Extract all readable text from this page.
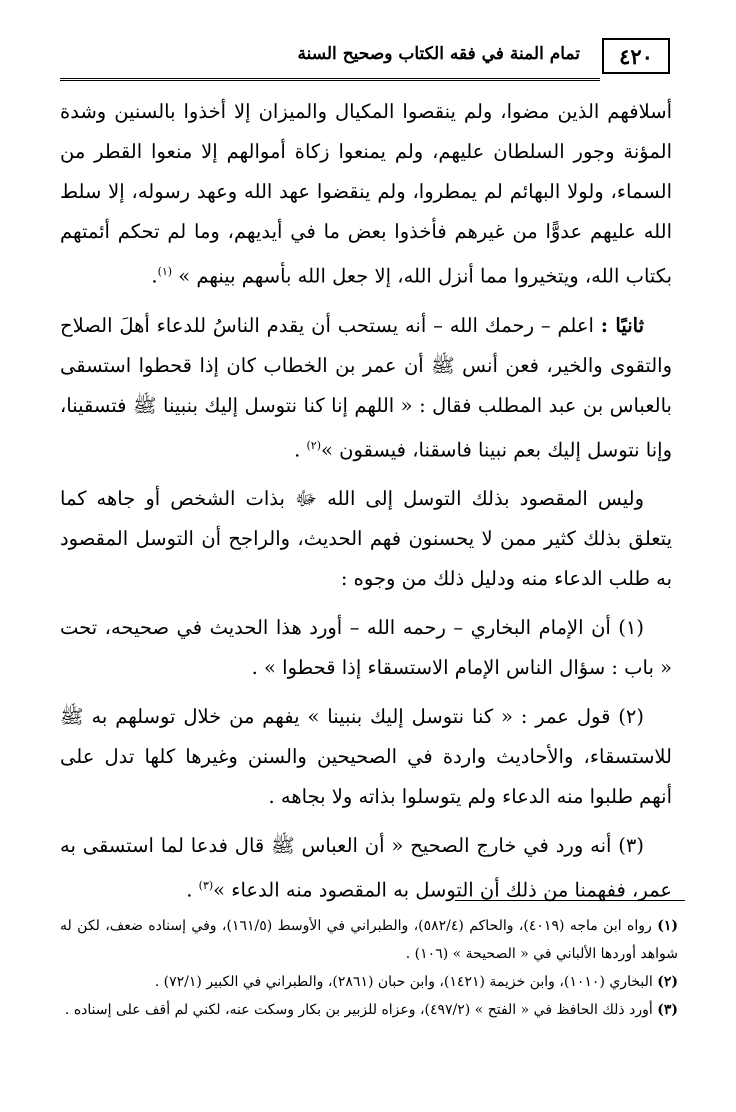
٤٢٠
تمام المنة في فقه الكتاب وصحيح السنة

أسلافهم الذين مضوا، ولم ينقصوا المكيال والميزان إلا أخذوا بالسنين وشدة المؤنة وجور السلطان عليهم، ولم يمنعوا زكاة أموالهم إلا منعوا القطر من السماء، ولولا البهائم لم يمطروا، ولم ينقضوا عهد الله وعهد رسوله، إلا سلط الله عليهم عدوًّا من غيرهم فأخذوا بعض ما في أيديهم، وما لم تحكم أئمتهم بكتاب الله، ويتخيروا مما أنزل الله، إلا جعل الله بأسهم بينهم » $^{(١)}$.

ثانيًا : اعلم – رحمك الله – أنه يستحب أن يقدم الناسُ للدعاء أهلَ الصلاح والتقوى والخير، فعن أنس ﷺ أن عمر بن الخطاب كان إذا قحطوا استسقى بالعباس بن عبد المطلب فقال : « اللهم إنا كنا نتوسل إليك بنبينا ﷺ فتسقينا، وإنا نتوسل إليك بعم نبينا فاسقنا، فيسقون »$^{(٢)}$ .

وليس المقصود بذلك التوسل إلى الله ﷻ بذات الشخص أو جاهه كما يتعلق بذلك كثير ممن لا يحسنون فهم الحديث، والراجح أن التوسل المقصود به طلب الدعاء منه ودليل ذلك من وجوه :

(١) أن الإمام البخاري – رحمه الله – أورد هذا الحديث في صحيحه، تحت « باب : سؤال الناس الإمام الاستسقاء إذا قحطوا » .

(٢) قول عمر : « كنا نتوسل إليك بنبينا » يفهم من خلال توسلهم به ﷺ للاستسقاء، والأحاديث واردة في الصحيحين والسنن وغيرها كلها تدل على أنهم طلبوا منه الدعاء ولم يتوسلوا بذاته ولا بجاهه .

(٣) أنه ورد في خارج الصحيح « أن العباس ﷺ قال فدعا لما استسقى به عمر، ففهمنا من ذلك أن التوسل به المقصود منه الدعاء »$^{(٣)}$ .

(١) رواه ابن ماجه (٤٠١٩)، والحاكم (٥٨٢/٤)، والطبراني في الأوسط (١٦١/٥)، وفي إسناده ضعف، لكن له شواهد أوردها الألباني في « الصحيحة » (١٠٦) .

(٢) البخاري (١٠١٠)، وابن خزيمة (١٤٢١)، وابن حبان (٢٨٦١)، والطبراني في الكبير (٧٢/١) .

(٣) أورد ذلك الحافظ في « الفتح » (٤٩٧/٢)، وعزاه للزبير بن بكار وسكت عنه، لكني لم أقف على إسناده .
